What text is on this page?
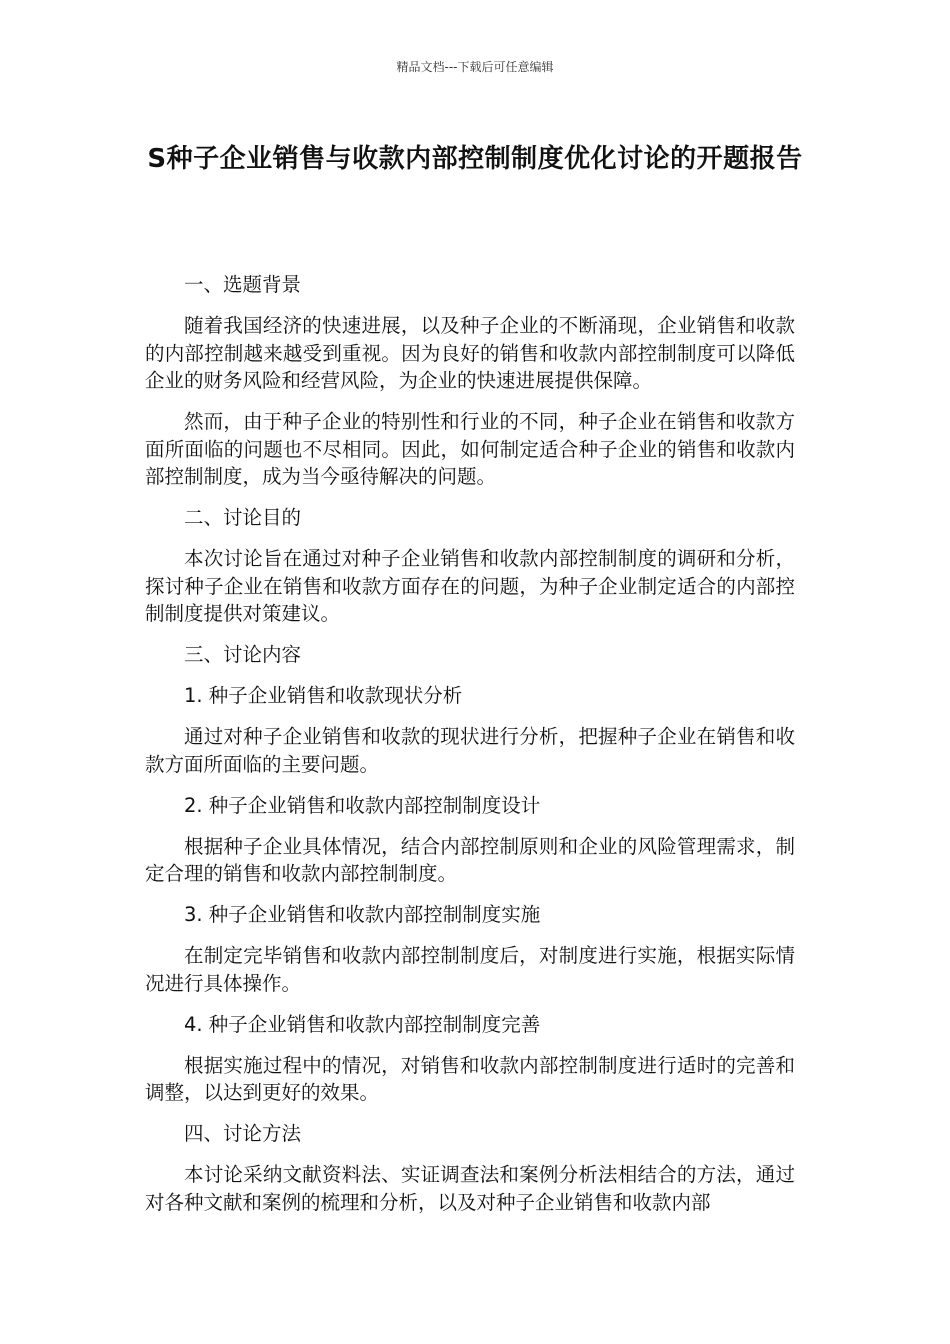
精品文档---下载后可任意编辑
S种子企业销售与收款内部控制制度优化讨论的开题报告

一、选题背景

随着我国经济的快速进展，以及种子企业的不断涌现，企业销售和收款的内部控制越来越受到重视。因为良好的销售和收款内部控制制度可以降低企业的财务风险和经营风险，为企业的快速进展提供保障。

然而，由于种子企业的特别性和行业的不同，种子企业在销售和收款方面所面临的问题也不尽相同。因此，如何制定适合种子企业的销售和收款内部控制制度，成为当今亟待解决的问题。

二、讨论目的

本次讨论旨在通过对种子企业销售和收款内部控制制度的调研和分析，探讨种子企业在销售和收款方面存在的问题，为种子企业制定适合的内部控制制度提供对策建议。

三、讨论内容

1. 种子企业销售和收款现状分析

通过对种子企业销售和收款的现状进行分析，把握种子企业在销售和收款方面所面临的主要问题。

2. 种子企业销售和收款内部控制制度设计

根据种子企业具体情况，结合内部控制原则和企业的风险管理需求，制定合理的销售和收款内部控制制度。

3. 种子企业销售和收款内部控制制度实施

在制定完毕销售和收款内部控制制度后，对制度进行实施，根据实际情况进行具体操作。

4. 种子企业销售和收款内部控制制度完善

根据实施过程中的情况，对销售和收款内部控制制度进行适时的完善和调整，以达到更好的效果。

四、讨论方法

本讨论采纳文献资料法、实证调查法和案例分析法相结合的方法，通过对各种文献和案例的梳理和分析，以及对种子企业销售和收款内部
